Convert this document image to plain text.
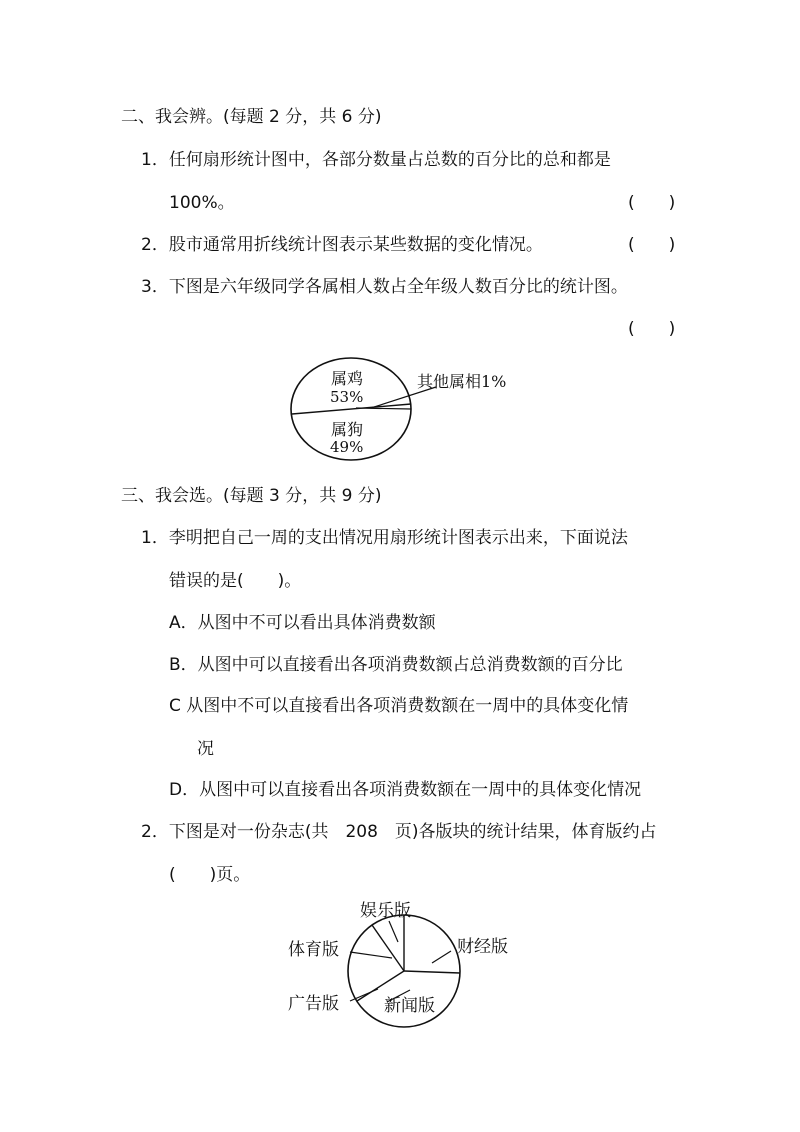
二、我会辨。(每题 2 分，共 6 分)
1．任何扇形统计图中，各部分数量占总数的百分比的总和都是
100%。	(　　)
2．股市通常用折线统计图表示某些数据的变化情况。	(　　)
3．下图是六年级同学各属相人数占全年级人数百分比的统计图。
(　　)
三、我会选。(每题 3 分，共 9 分)
1．李明把自己一周的支出情况用扇形统计图表示出来，下面说法
错误的是(　　)。
A．从图中不可以看出具体消费数额
B．从图中可以直接看出各项消费数额占总消费数额的百分比
C 从图中不可以直接看出各项消费数额在一周中的具体变化情
况
D．从图中可以直接看出各项消费数额在一周中的具体变化情况
2．下图是对一份杂志(共　208　页)各版块的统计结果，体育版约占
(　　)页。
属鸡
53%
属狗
49%
其他属相1%
娱乐版
体育版	财经版
广告版	新闻版
